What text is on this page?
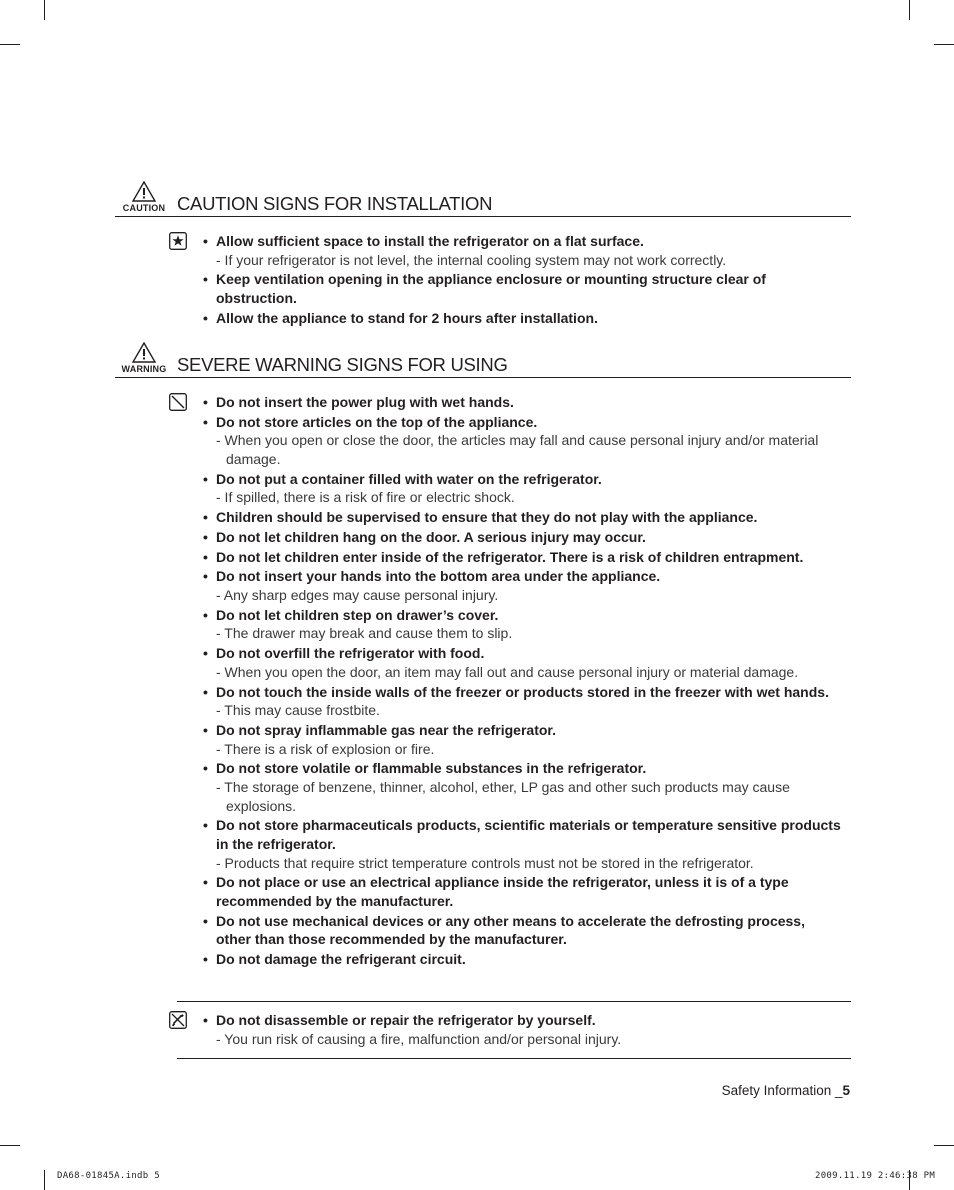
CAUTION CAUTION SIGNS FOR INSTALLATION
• Allow sufficient space to install the refrigerator on a flat surface.
- If your refrigerator is not level, the internal cooling system may not work correctly.
• Keep ventilation opening in the appliance enclosure or mounting structure clear of obstruction.
• Allow the appliance to stand for 2 hours after installation.
WARNING SEVERE WARNING SIGNS FOR USING
• Do not insert the power plug with wet hands.
• Do not store articles on the top of the appliance.
- When you open or close the door, the articles may fall and cause personal injury and/or material damage.
• Do not put a container filled with water on the refrigerator.
- If spilled, there is a risk of fire or electric shock.
• Children should be supervised to ensure that they do not play with the appliance.
• Do not let children hang on the door. A serious injury may occur.
• Do not let children enter inside of the refrigerator. There is a risk of children entrapment.
• Do not insert your hands into the bottom area under the appliance.
- Any sharp edges may cause personal injury.
• Do not let children step on drawer’s cover.
- The drawer may break and cause them to slip.
• Do not overfill the refrigerator with food.
- When you open the door, an item may fall out and cause personal injury or material damage.
• Do not touch the inside walls of the freezer or products stored in the freezer with wet hands.
- This may cause frostbite.
• Do not spray inflammable gas near the refrigerator.
- There is a risk of explosion or fire.
• Do not store volatile or flammable substances in the refrigerator.
- The storage of benzene, thinner, alcohol, ether, LP gas and other such products may cause explosions.
• Do not store pharmaceuticals products, scientific materials or temperature sensitive products in the refrigerator.
- Products that require strict temperature controls must not be stored in the refrigerator.
• Do not place or use an electrical appliance inside the refrigerator, unless it is of a type recommended by the manufacturer.
• Do not use mechanical devices or any other means to accelerate the defrosting process, other than those recommended by the manufacturer.
• Do not damage the refrigerant circuit.
• Do not disassemble or repair the refrigerator by yourself.
- You run risk of causing a fire, malfunction and/or personal injury.
Safety Information _5
DA68-01845A.indb 5	2009.11.19 2:46:38 PM
